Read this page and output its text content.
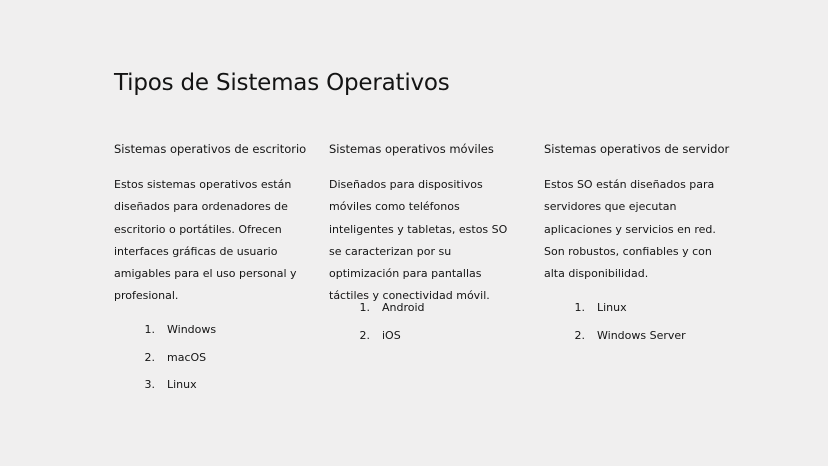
Tipos de Sistemas Operativos

Sistemas operativos de escritorio

Estos sistemas operativos están diseñados para ordenadores de escritorio o portátiles. Ofrecen interfaces gráficas de usuario amigables para el uso personal y profesional.

1. Windows
2. macOS
3. Linux

Sistemas operativos móviles

Diseñados para dispositivos móviles como teléfonos inteligentes y tabletas, estos SO se caracterizan por su optimización para pantallas táctiles y conectividad móvil.

1. Android
2. iOS

Sistemas operativos de servidor

Estos SO están diseñados para servidores que ejecutan aplicaciones y servicios en red. Son robustos, confiables y con alta disponibilidad.

1. Linux
2. Windows Server
